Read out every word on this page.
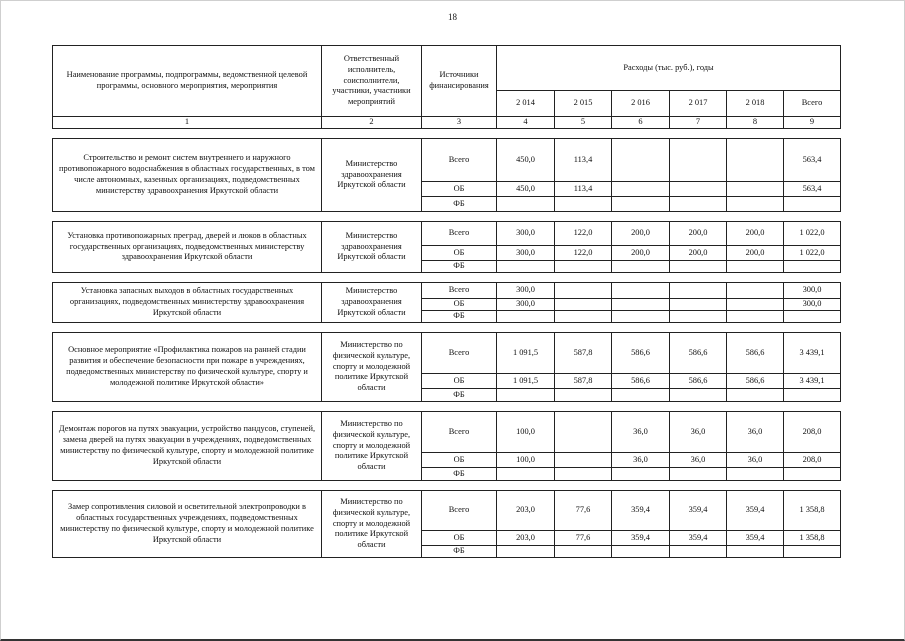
18
Наименование программы, подпрограммы, ведомственной целевой программы, основного мероприятия, мероприятия	Ответственный исполнитель, соисполнители, участники, участники мероприятий	Источники финансирования	Расходы (тыс. руб.), годы					
			2 014	2 015	2 016	2 017	2 018	Всего
1	2	3	4	5	6	7	8	9

Строительство и ремонт систем внутреннего и наружного противопожарного водоснабжения в областных государственных, в том числе автономных, казенных организациях, подведомственных министерству здравоохранения Иркутской области	Министерство здравоохранения Иркутской области	Всего	450,0	113,4				563,4
		ОБ	450,0	113,4				563,4
		ФБ						

Установка противопожарных преград, дверей и люков в областных государственных организациях, подведомственных министерству здравоохранения Иркутской области	Министерство здравоохранения Иркутской области	Всего	300,0	122,0	200,0	200,0	200,0	1 022,0
		ОБ	300,0	122,0	200,0	200,0	200,0	1 022,0
		ФБ						

Установка запасных выходов в областных государственных организациях, подведомственных министерству здравоохранения Иркутской области	Министерство здравоохранения Иркутской области	Всего	300,0					300,0
		ОБ	300,0					300,0
		ФБ						

Основное мероприятие «Профилактика пожаров на ранней стадии развития и обеспечение безопасности при пожаре в учреждениях, подведомственных министерству по физической культуре, спорту и молодежной политике Иркутской области»	Министерство по физической культуре, спорту и молодежной политике Иркутской области	Всего	1 091,5	587,8	586,6	586,6	586,6	3 439,1
		ОБ	1 091,5	587,8	586,6	586,6	586,6	3 439,1
		ФБ						

Демонтаж порогов на путях эвакуации, устройство пандусов, ступеней, замена дверей на путях эвакуации в учреждениях, подведомственных министерству по физической культуре, спорту и молодежной политике Иркутской области	Министерство по физической культуре, спорту и молодежной политике Иркутской области	Всего	100,0		36,0	36,0	36,0	208,0
		ОБ	100,0		36,0	36,0	36,0	208,0
		ФБ						

Замер сопротивления силовой и осветительной электропроводки в областных государственных учреждениях, подведомственных министерству по физической культуре, спорту и молодежной политике Иркутской области	Министерство по физической культуре, спорту и молодежной политике Иркутской области	Всего	203,0	77,6	359,4	359,4	359,4	1 358,8
		ОБ	203,0	77,6	359,4	359,4	359,4	1 358,8
		ФБ						
